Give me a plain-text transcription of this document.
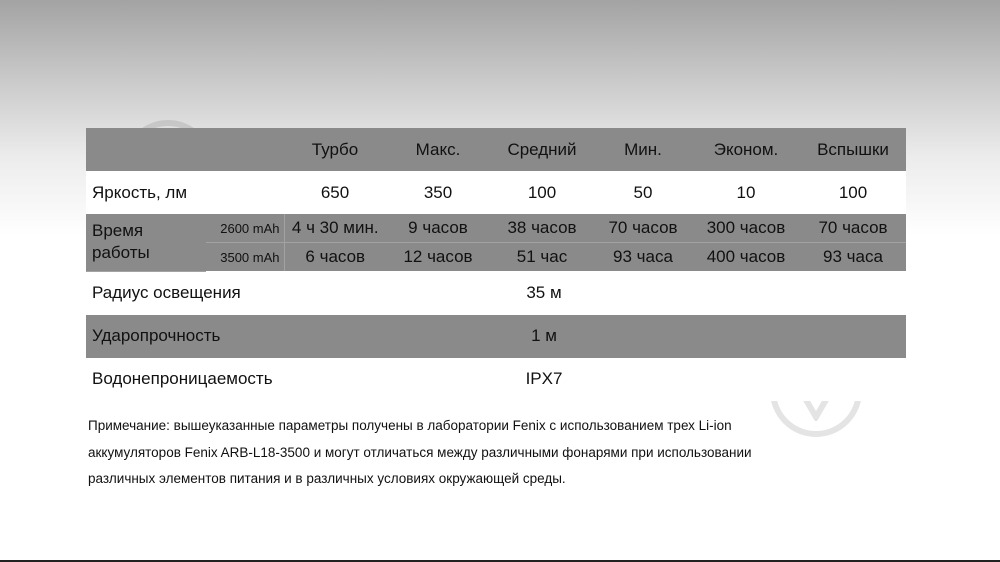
		Турбо	Макс.	Средний	Мин.	Эконом.	Вспышки
Яркость, лм		650	350	100	50	10	100

Время
работы	2600 mAh	4 ч 30 мин.	9 часов	38 часов	70 часов	300 часов	70 часов
	3500 mAh	6 часов	12 часов	51 час	93 часа	400 часов	93 часа
Радиус освещения		35 м					
Ударопрочность		1 м					
Водонепроницаемость		IPX7					
Примечание: вышеуказанные параметры получены в лаборатории Fenix с использованием трех Li-ion
аккумуляторов Fenix ARB-L18-3500 и могут отличаться между различными фонарями при использовании
различных элементов питания и в различных условиях окружающей среды.
